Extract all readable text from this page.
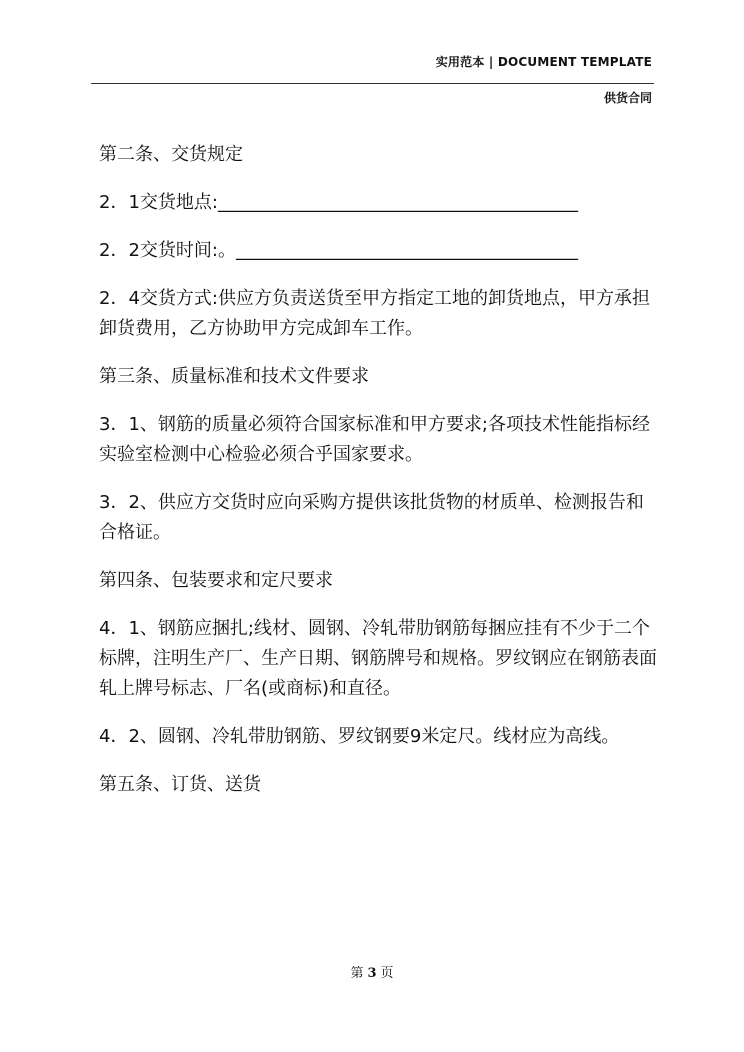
实用范本 | DOCUMENT TEMPLATE
供货合同

第二条、交货规定

2．1交货地点:________________________________________

2．2交货时间:。______________________________________

2．4交货方式:供应方负责送货至甲方指定工地的卸货地点，甲方承担卸货费用，乙方协助甲方完成卸车工作。

第三条、质量标准和技术文件要求

3．1、钢筋的质量必须符合国家标准和甲方要求;各项技术性能指标经实验室检测中心检验必须合乎国家要求。

3．2、供应方交货时应向采购方提供该批货物的材质单、检测报告和合格证。

第四条、包装要求和定尺要求

4．1、钢筋应捆扎;线材、圆钢、冷轧带肋钢筋每捆应挂有不少于二个标牌，注明生产厂、生产日期、钢筋牌号和规格。罗纹钢应在钢筋表面轧上牌号标志、厂名(或商标)和直径。

4．2、圆钢、冷轧带肋钢筋、罗纹钢要9米定尺。线材应为高线。

第五条、订货、送货

第 3 页
